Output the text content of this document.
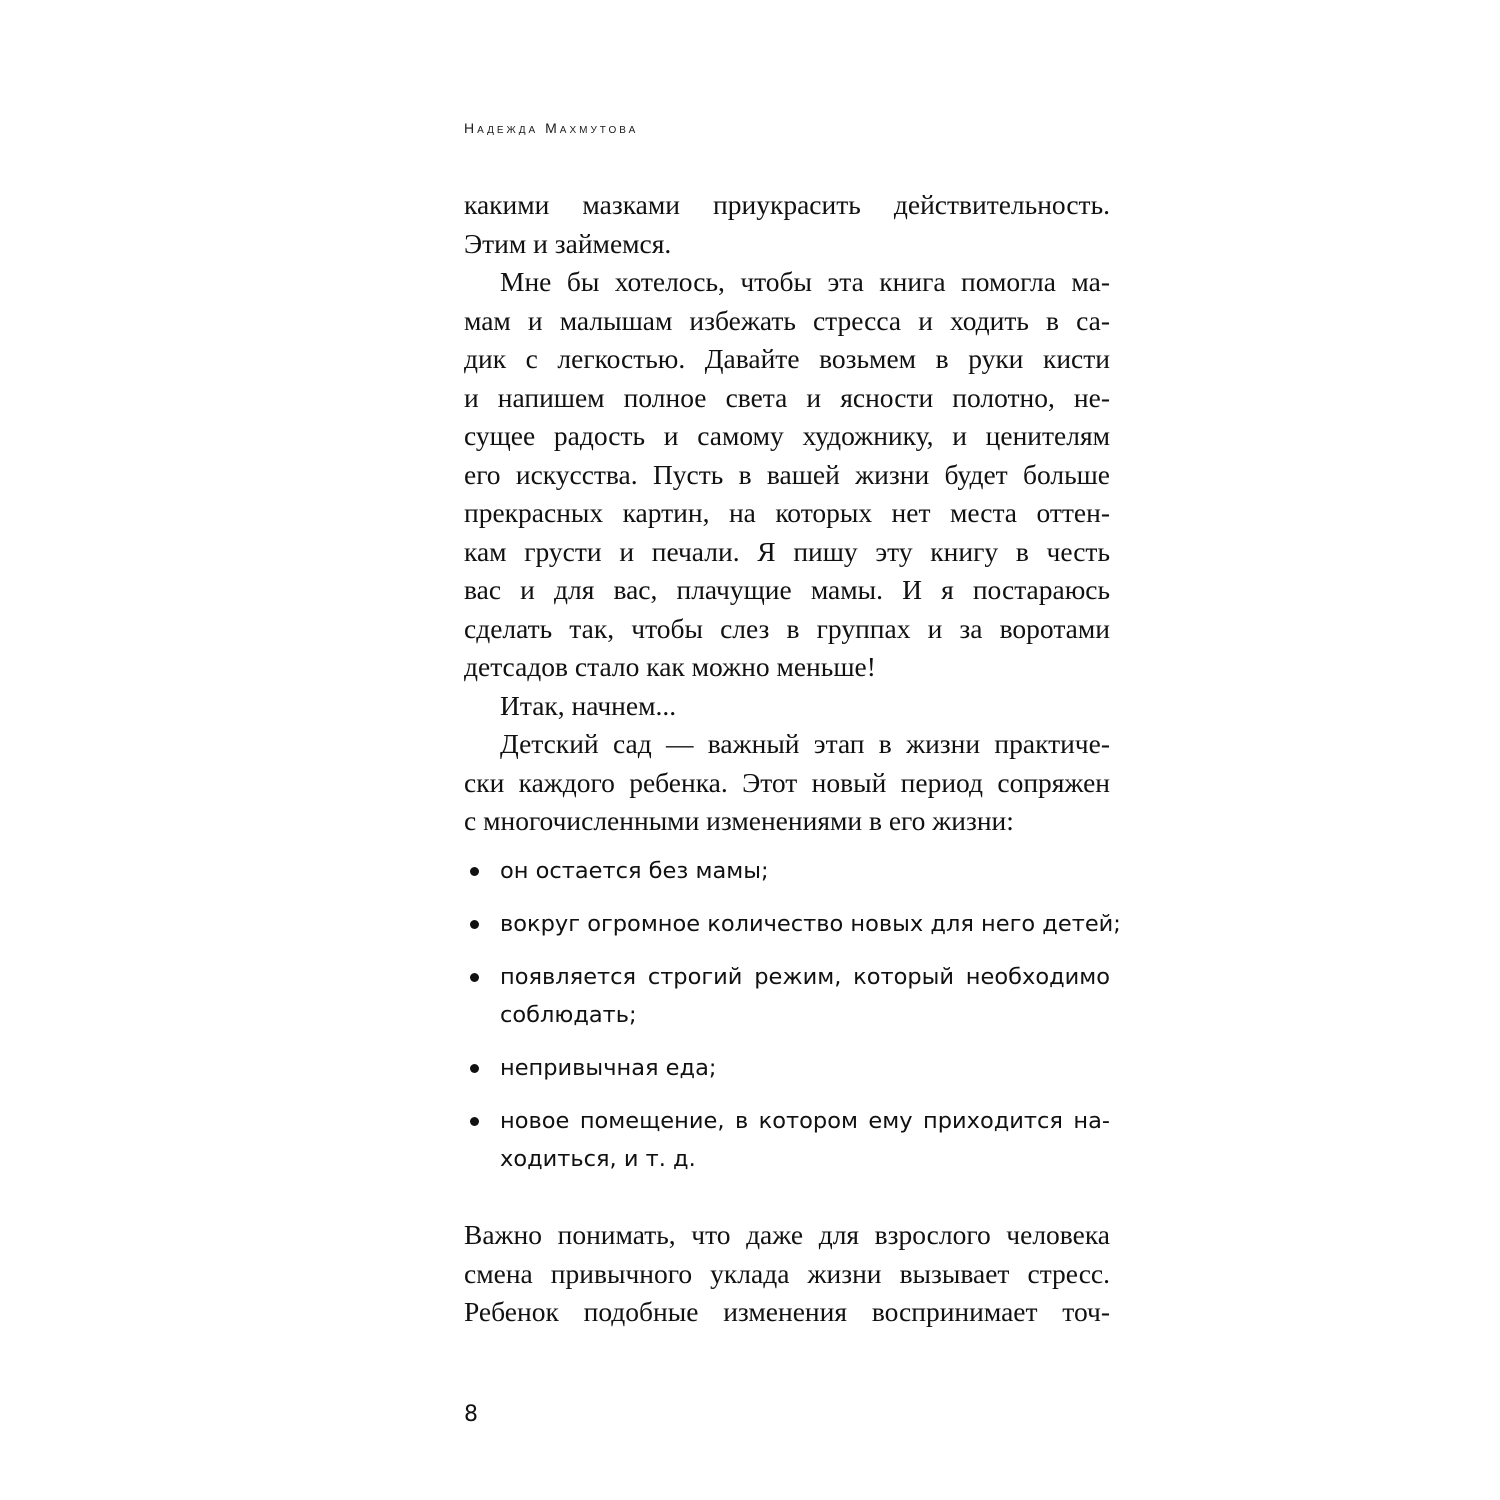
Надежда Махмутова
какими мазками приукрасить действительность.
Этим и займемся.
Мне бы хотелось, чтобы эта книга помогла ма-
мам и малышам избежать стресса и ходить в са-
дик с легкостью. Давайте возьмем в руки кисти
и напишем полное света и ясности полотно, не-
сущее радость и самому художнику, и ценителям
его искусства. Пусть в вашей жизни будет больше
прекрасных картин, на которых нет места оттен-
кам грусти и печали. Я пишу эту книгу в честь
вас и для вас, плачущие мамы. И я постараюсь
сделать так, чтобы слез в группах и за воротами
детсадов стало как можно меньше!
Итак, начнем...
Детский сад — важный этап в жизни практиче-
ски каждого ребенка. Этот новый период сопряжен
с многочисленными изменениями в его жизни:
он остается без мамы;
вокруг огромное количество новых для него детей;
появляется строгий режим, который необходимо
соблюдать;
непривычная еда;
новое помещение, в котором ему приходится на-
ходиться, и т. д.
Важно понимать, что даже для взрослого человека
смена привычного уклада жизни вызывает стресс.
Ребенок подобные изменения воспринимает точ-
8
